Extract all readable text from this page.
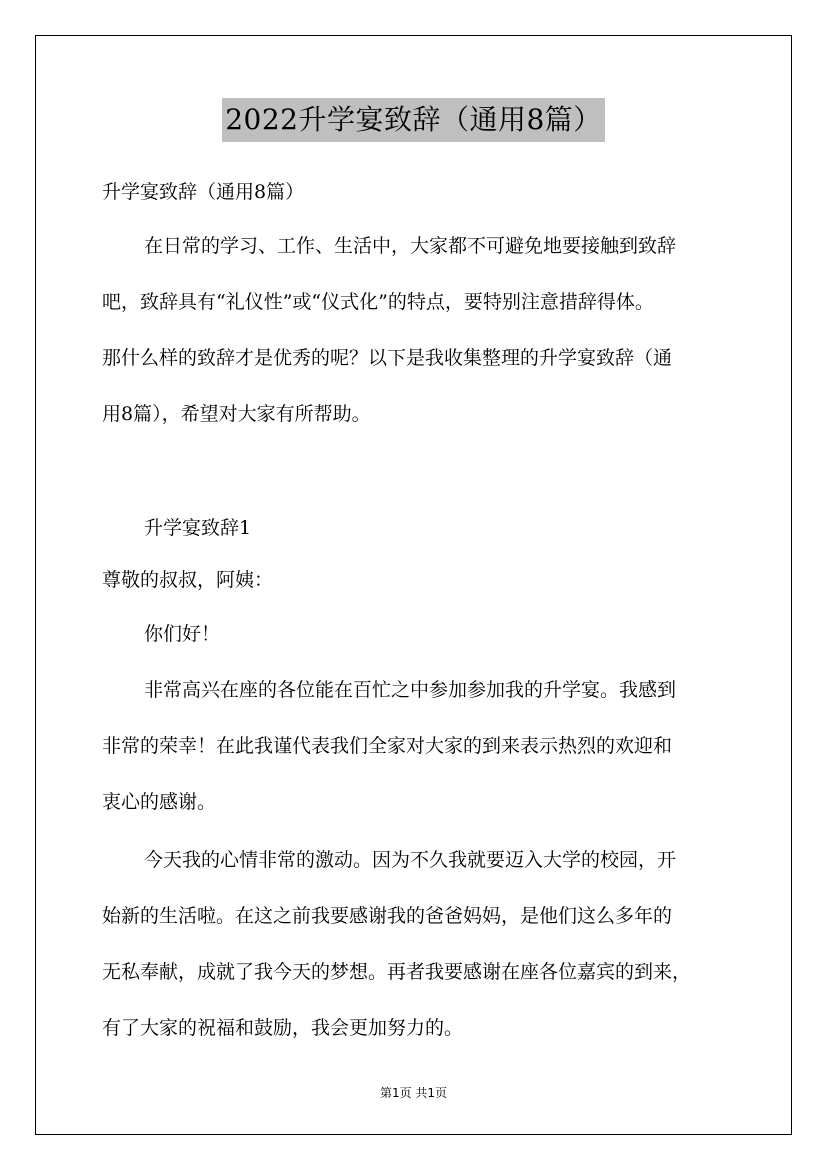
2022升学宴致辞（通用8篇）
升学宴致辞（通用8篇）
在日常的学习、工作、生活中，大家都不可避免地要接触到致辞
吧，致辞具有“礼仪性”或“仪式化”的特点，要特别注意措辞得体。
那什么样的致辞才是优秀的呢？以下是我收集整理的升学宴致辞（通
用8篇），希望对大家有所帮助。
升学宴致辞1
尊敬的叔叔，阿姨：
你们好！
非常高兴在座的各位能在百忙之中参加参加我的升学宴。我感到
非常的荣幸！在此我谨代表我们全家对大家的到来表示热烈的欢迎和
衷心的感谢。
今天我的心情非常的激动。因为不久我就要迈入大学的校园，开
始新的生活啦。在这之前我要感谢我的爸爸妈妈，是他们这么多年的
无私奉献，成就了我今天的梦想。再者我要感谢在座各位嘉宾的到来，
有了大家的祝福和鼓励，我会更加努力的。
第1页 共1页
